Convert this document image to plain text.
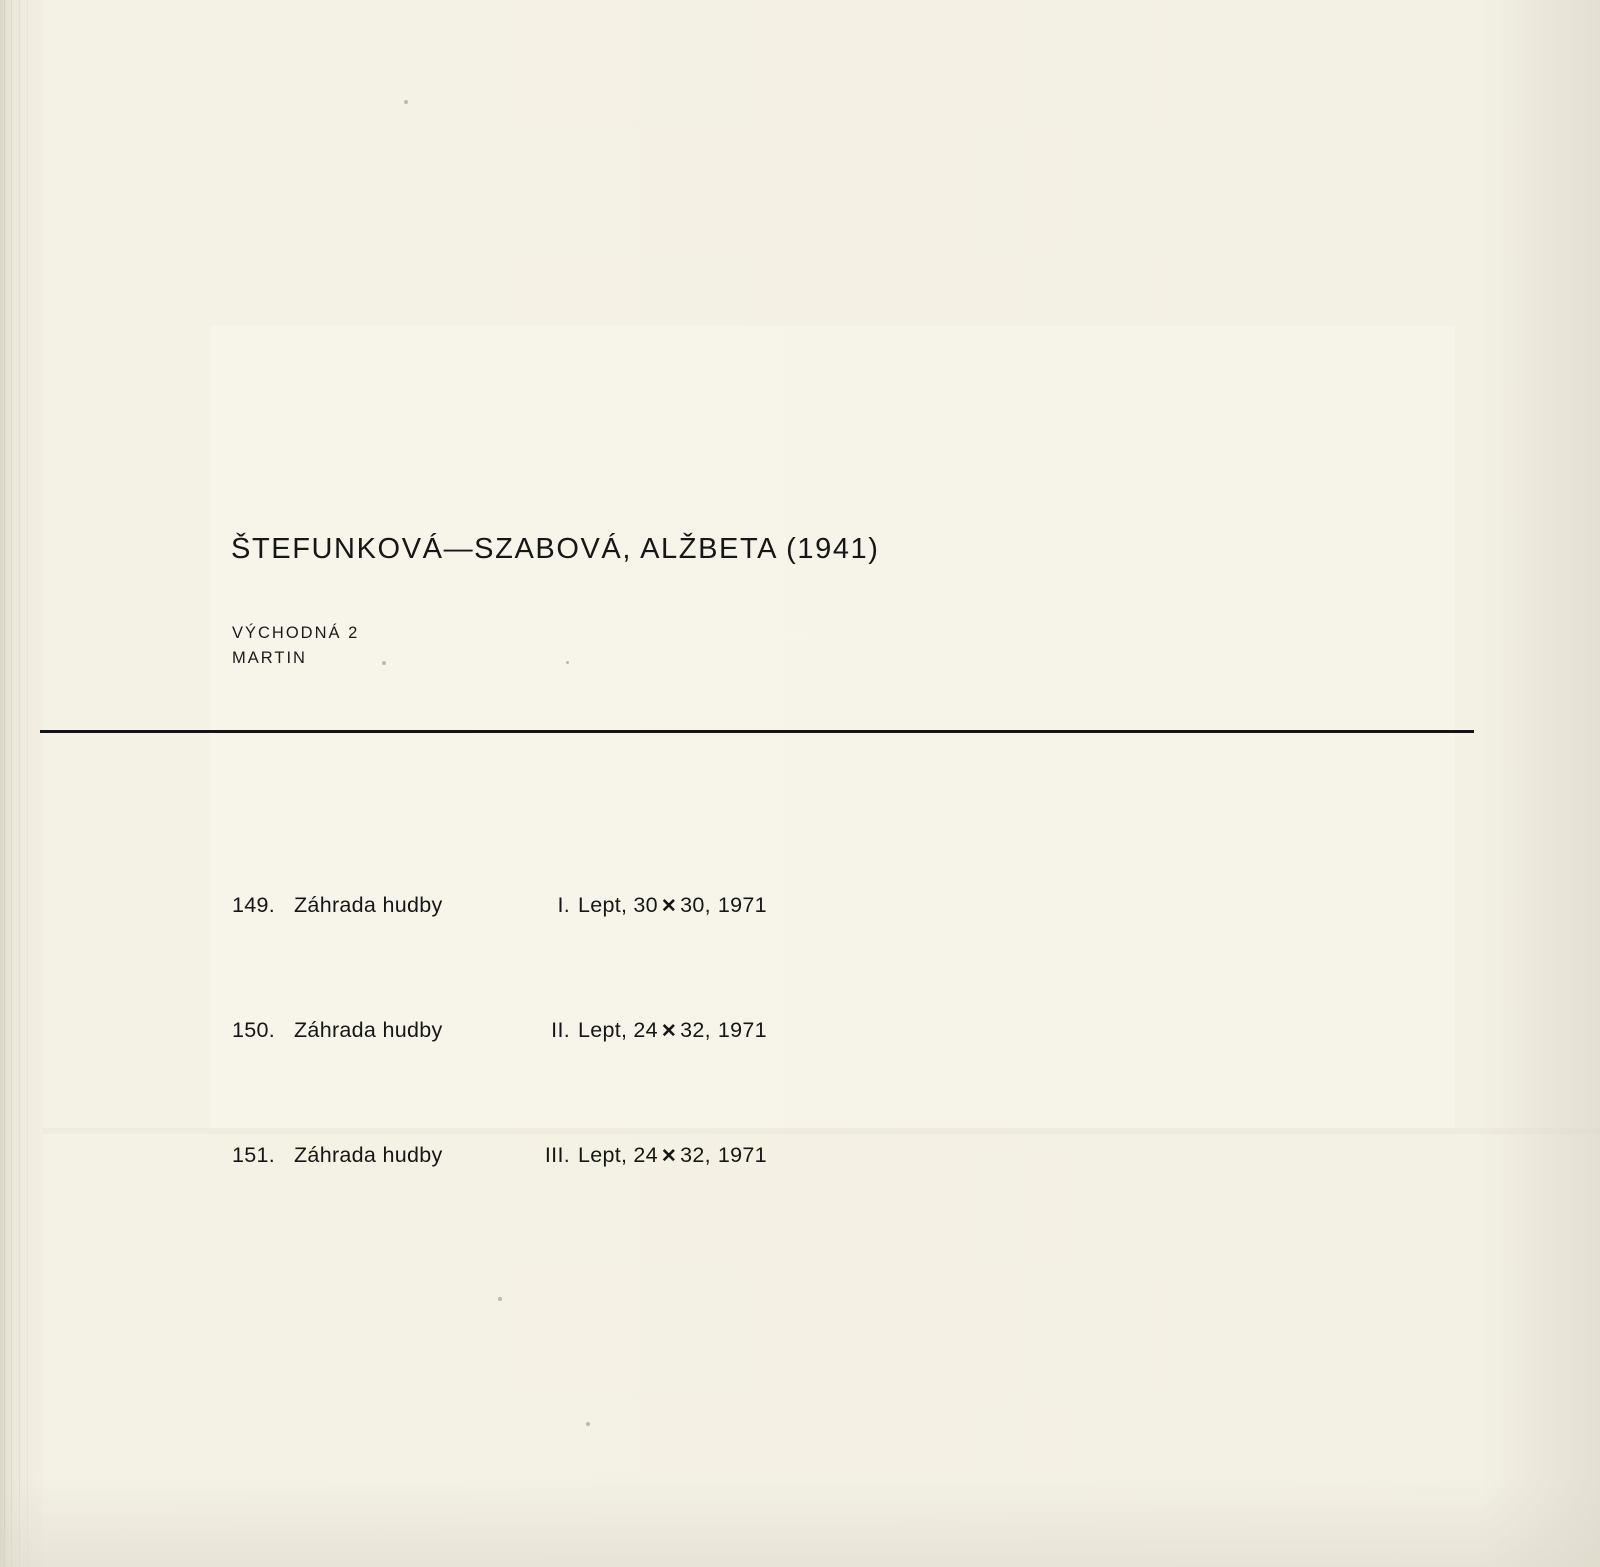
ŠTEFUNKOVÁ—SZABOVÁ, ALŽBETA (1941)
VÝCHODNÁ 2
MARTIN

149. Záhrada hudby	I. Lept, 30 ✕ 30, 1971

150. Záhrada hudby	II. Lept, 24 ✕ 32, 1971

151. Záhrada hudby	III. Lept, 24 ✕ 32, 1971
